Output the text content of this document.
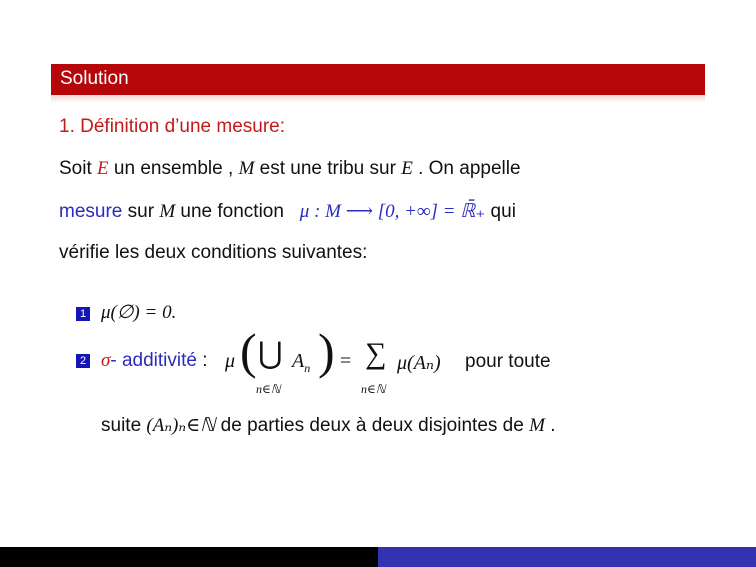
Solution
1. Définition d’une mesure:
Soit E un ensemble , M est une tribu sur E . On appelle
mesure sur M une fonction   μ : M ⟶ [0, +∞] = ℝ̄₊ qui
vérifie les deux conditions suivantes:
1 μ(∅) = 0.
2 σ- additivité : μ ( ⋃ $A_n$
n∈ℕ
) = ∑
n∈ℕ
μ(Aₙ) pour toute
suite (Aₙ)ₙ∈ℕ de parties deux à deux disjointes de M .
